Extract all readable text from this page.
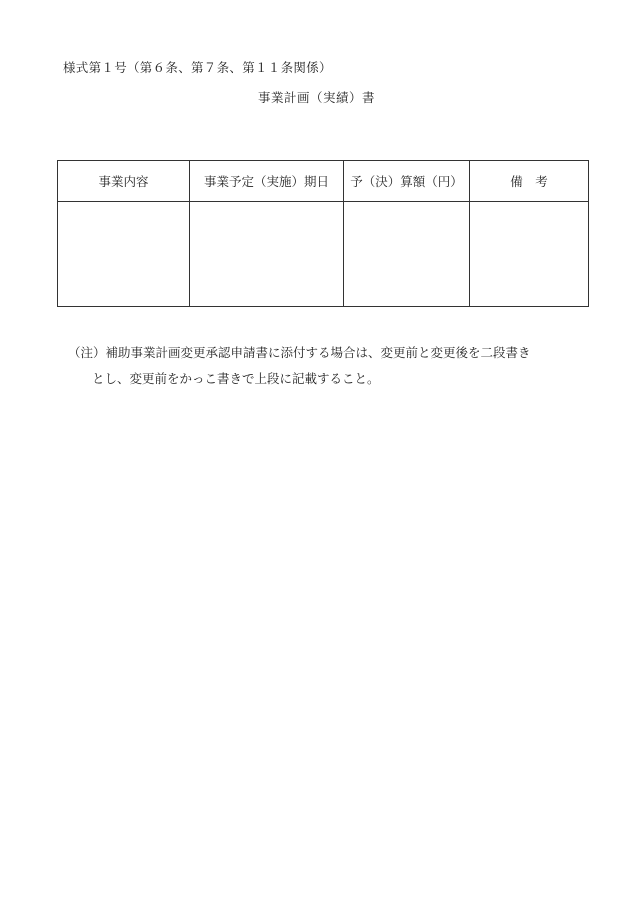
様式第１号（第６条、第７条、第１１条関係）
事業計画（実績）書
事業内容	事業予定（実施）期日	予（決）算額（円）	備　考

（注）補助事業計画変更承認申請書に添付する場合は、変更前と変更後を二段書き
とし、変更前をかっこ書きで上段に記載すること。
